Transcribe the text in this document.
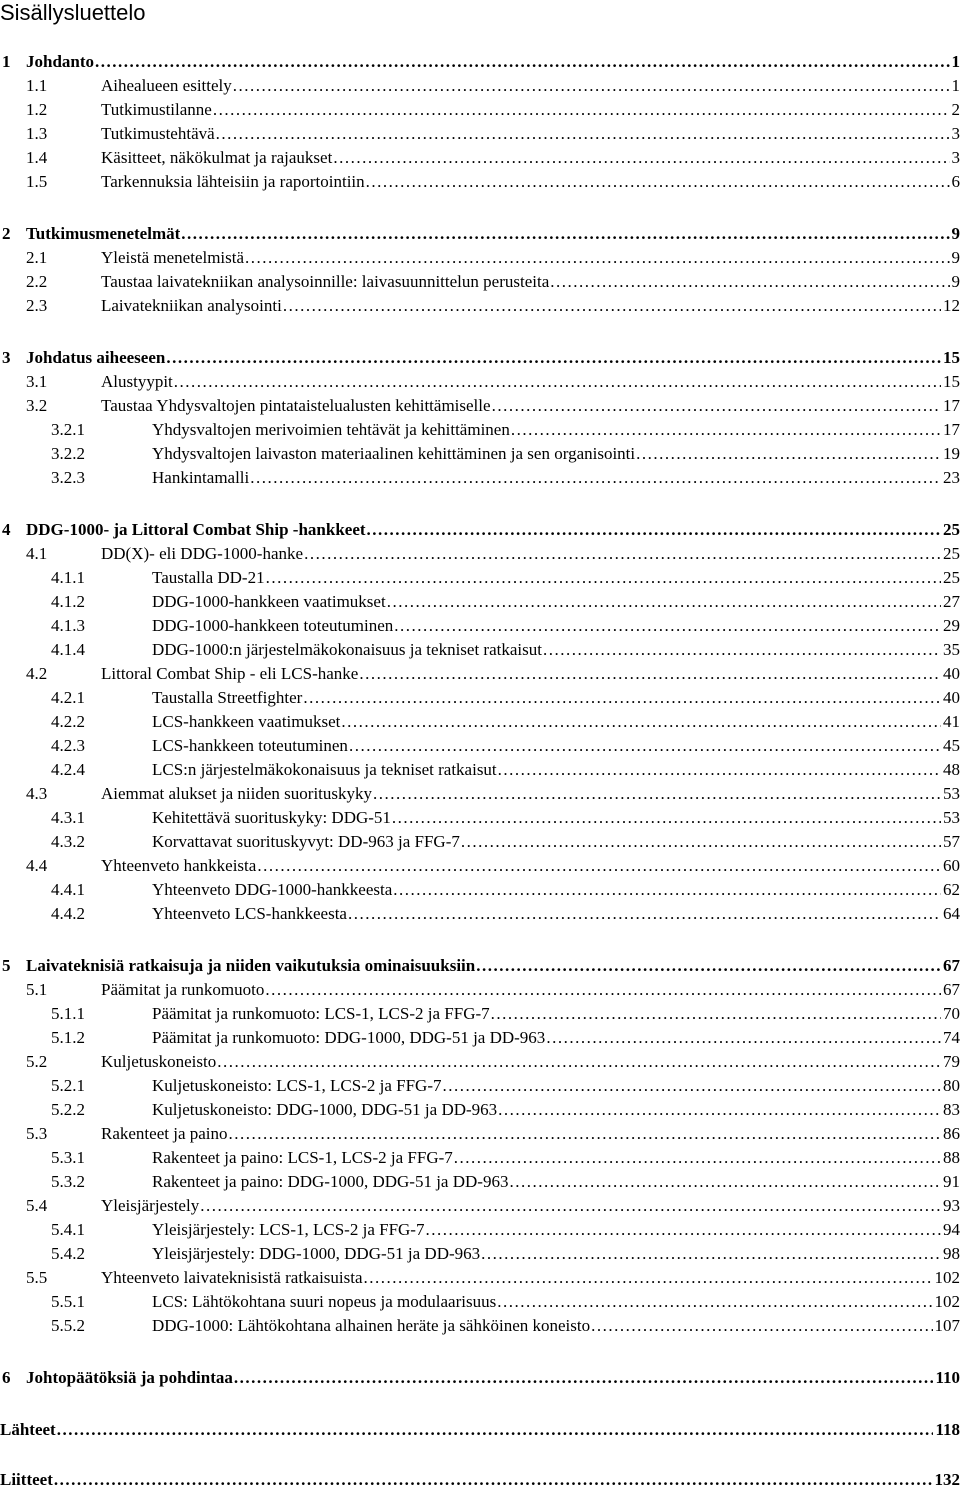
Sisällysluettelo
1 Johdanto .....	1
1.1	Aihealueen esittely .....	1
1.2	Tutkimustilanne .....	2
1.3	Tutkimustehtävä .....	3
1.4	Käsitteet, näkökulmat ja rajaukset .....	3
1.5	Tarkennuksia lähteisiin ja raportointiin .....	6
2 Tutkimusmenetelmät .....	9
2.1	Yleistä menetelmistä .....	9
2.2	Taustaa laivatekniikan analysoinnille: laivasuunnittelun perusteita .....	9
2.3	Laivatekniikan analysointi .....	12
3 Johdatus aiheeseen .....	15
3.1	Alustyypit .....	15
3.2	Taustaa Yhdysvaltojen pintataistelualusten kehittämiselle .....	17
3.2.1	Yhdysvaltojen merivoimien tehtävät ja kehittäminen .....	17
3.2.2	Yhdysvaltojen laivaston materiaalinen kehittäminen ja sen organisointi .....	19
3.2.3	Hankintamalli .....	23
4 DDG-1000- ja Littoral Combat Ship -hankkeet .....	25
4.1	DD(X)- eli DDG-1000-hanke .....	25
4.1.1	Taustalla DD-21 .....	25
4.1.2	DDG-1000-hankkeen vaatimukset .....	27
4.1.3	DDG-1000-hankkeen toteutuminen .....	29
4.1.4	DDG-1000:n järjestelmäkokonaisuus ja tekniset ratkaisut .....	35
4.2	Littoral Combat Ship - eli LCS-hanke .....	40
4.2.1	Taustalla Streetfighter .....	40
4.2.2	LCS-hankkeen vaatimukset .....	41
4.2.3	LCS-hankkeen toteutuminen .....	45
4.2.4	LCS:n järjestelmäkokonaisuus ja tekniset ratkaisut .....	48
4.3	Aiemmat alukset ja niiden suorituskyky .....	53
4.3.1	Kehitettävä suorituskyky: DDG-51 .....	53
4.3.2	Korvattavat suorituskyvyt: DD-963 ja FFG-7 .....	57
4.4	Yhteenveto hankkeista .....	60
4.4.1	Yhteenveto DDG-1000-hankkeesta .....	62
4.4.2	Yhteenveto LCS-hankkeesta .....	64
5 Laivateknisiä ratkaisuja ja niiden vaikutuksia ominaisuuksiin .....	67
5.1	Päämitat ja runkomuoto .....	67
5.1.1	Päämitat ja runkomuoto: LCS-1, LCS-2 ja FFG-7 .....	70
5.1.2	Päämitat ja runkomuoto: DDG-1000, DDG-51 ja DD-963 .....	74
5.2	Kuljetuskoneisto .....	79
5.2.1	Kuljetuskoneisto: LCS-1, LCS-2 ja FFG-7 .....	80
5.2.2	Kuljetuskoneisto: DDG-1000, DDG-51 ja DD-963 .....	83
5.3	Rakenteet ja paino .....	86
5.3.1	Rakenteet ja paino: LCS-1, LCS-2 ja FFG-7 .....	88
5.3.2	Rakenteet ja paino: DDG-1000, DDG-51 ja DD-963 .....	91
5.4	Yleisjärjestely .....	93
5.4.1	Yleisjärjestely: LCS-1, LCS-2 ja FFG-7 .....	94
5.4.2	Yleisjärjestely: DDG-1000, DDG-51 ja DD-963 .....	98
5.5	Yhteenveto laivateknisistä ratkaisuista .....	102
5.5.1	LCS: Lähtökohtana suuri nopeus ja modulaarisuus .....	102
5.5.2	DDG-1000: Lähtökohtana alhainen heräte ja sähköinen koneisto .....	107
6 Johtopäätöksiä ja pohdintaa .....	110
Lähteet .....	118
Liitteet .....	132
